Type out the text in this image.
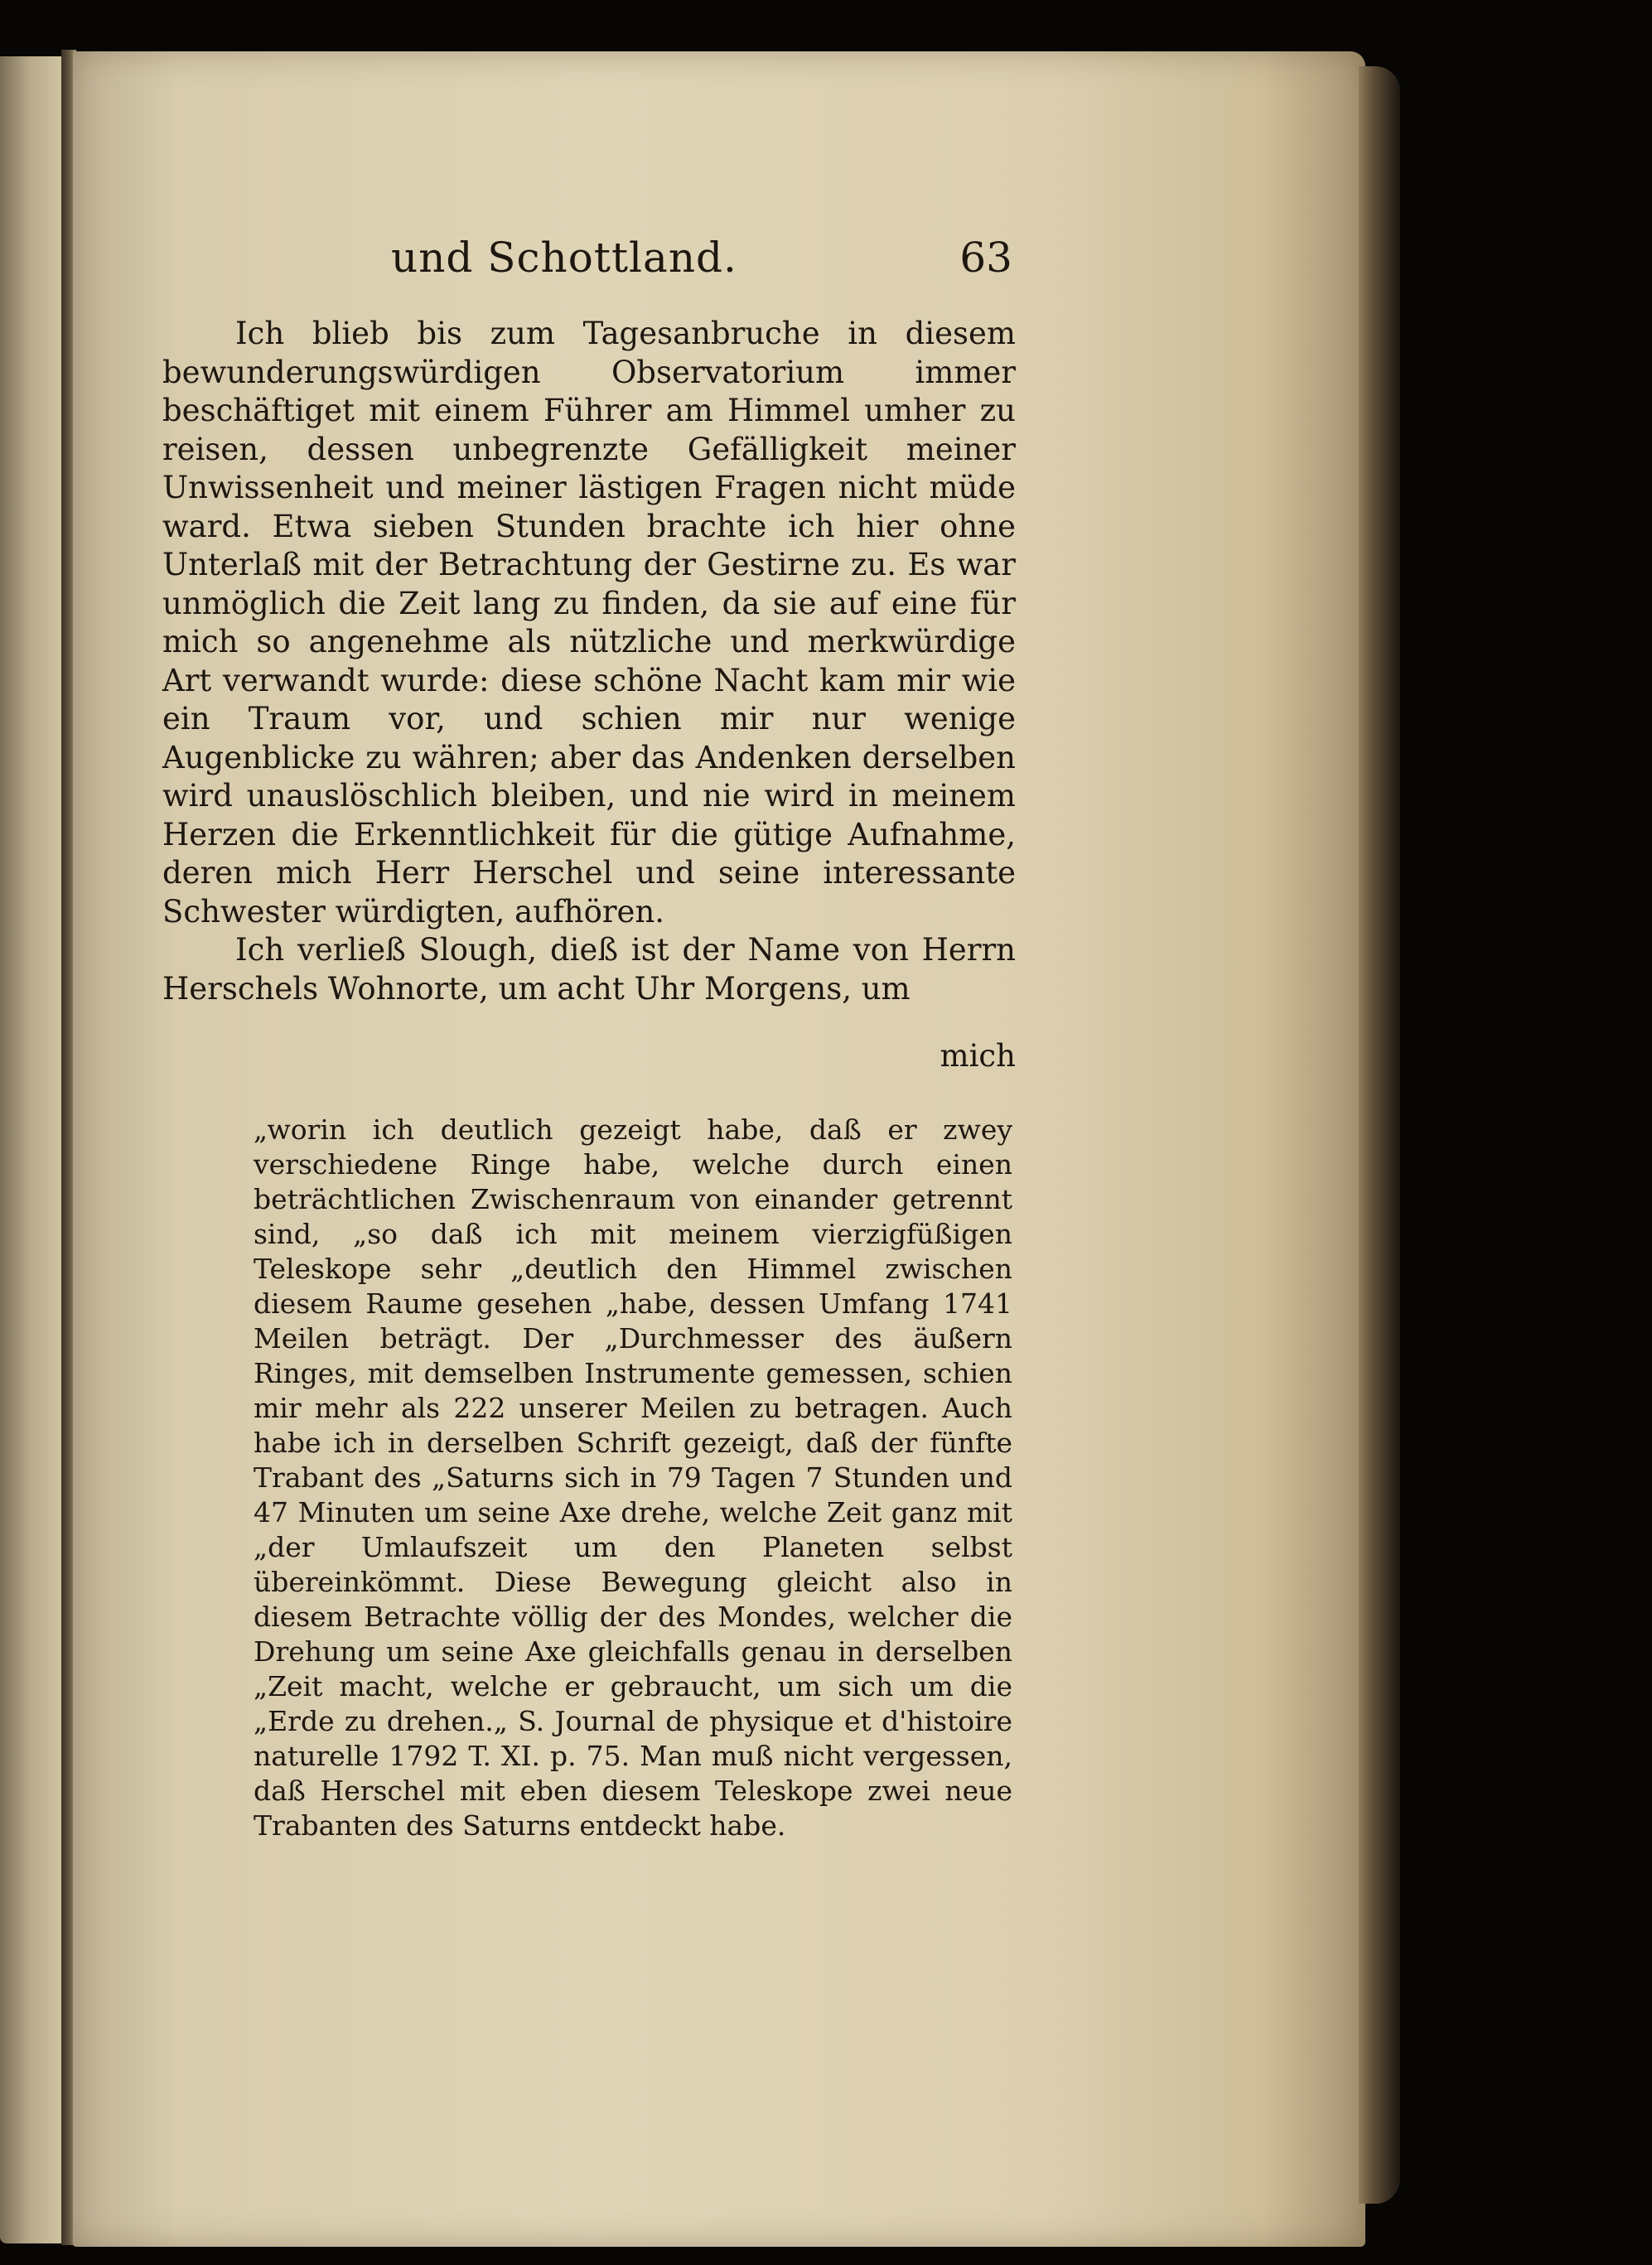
und Schottland.	63

Ich blieb bis zum Tagesanbruche in diesem bewunderungswürdigen Observatorium immer beschäftiget mit einem Führer am Himmel umher zu reisen, dessen unbegrenzte Gefälligkeit meiner Unwissenheit und meiner lästigen Fragen nicht müde ward. Etwa sieben Stunden brachte ich hier ohne Unterlaß mit der Betrachtung der Gestirne zu. Es war unmöglich die Zeit lang zu finden, da sie auf eine für mich so angenehme als nützliche und merkwürdige Art verwandt wurde: diese schöne Nacht kam mir wie ein Traum vor, und schien mir nur wenige Augenblicke zu währen; aber das Andenken derselben wird unauslöschlich bleiben, und nie wird in meinem Herzen die Erkenntlichkeit für die gütige Aufnahme, deren mich Herr Herschel und seine interessante Schwester würdigten, aufhören.

Ich verließ Slough, dieß ist der Name von Herrn Herschels Wohnorte, um acht Uhr Morgens, um

mich

„worin ich deutlich gezeigt habe, daß er zwey verschiedene Ringe habe, welche durch einen beträchtlichen Zwischenraum von einander getrennt sind, „so daß ich mit meinem vierzigfüßigen Teleskope sehr „deutlich den Himmel zwischen diesem Raume gesehen „habe, dessen Umfang 1741 Meilen beträgt. Der „Durchmesser des äußern Ringes, mit demselben Instrumente gemessen, schien mir mehr als 222 unserer Meilen zu betragen. Auch habe ich in derselben Schrift gezeigt, daß der fünfte Trabant des „Saturns sich in 79 Tagen 7 Stunden und 47 Minuten um seine Axe drehe, welche Zeit ganz mit „der Umlaufszeit um den Planeten selbst übereinkömmt. Diese Bewegung gleicht also in diesem Betrachte völlig der des Mondes, welcher die Drehung um seine Axe gleichfalls genau in derselben „Zeit macht, welche er gebraucht, um sich um die „Erde zu drehen.„ S. Journal de physique et d'histoire naturelle 1792 T. XI. p. 75. Man muß nicht vergessen, daß Herschel mit eben diesem Teleskope zwei neue Trabanten des Saturns entdeckt habe.
